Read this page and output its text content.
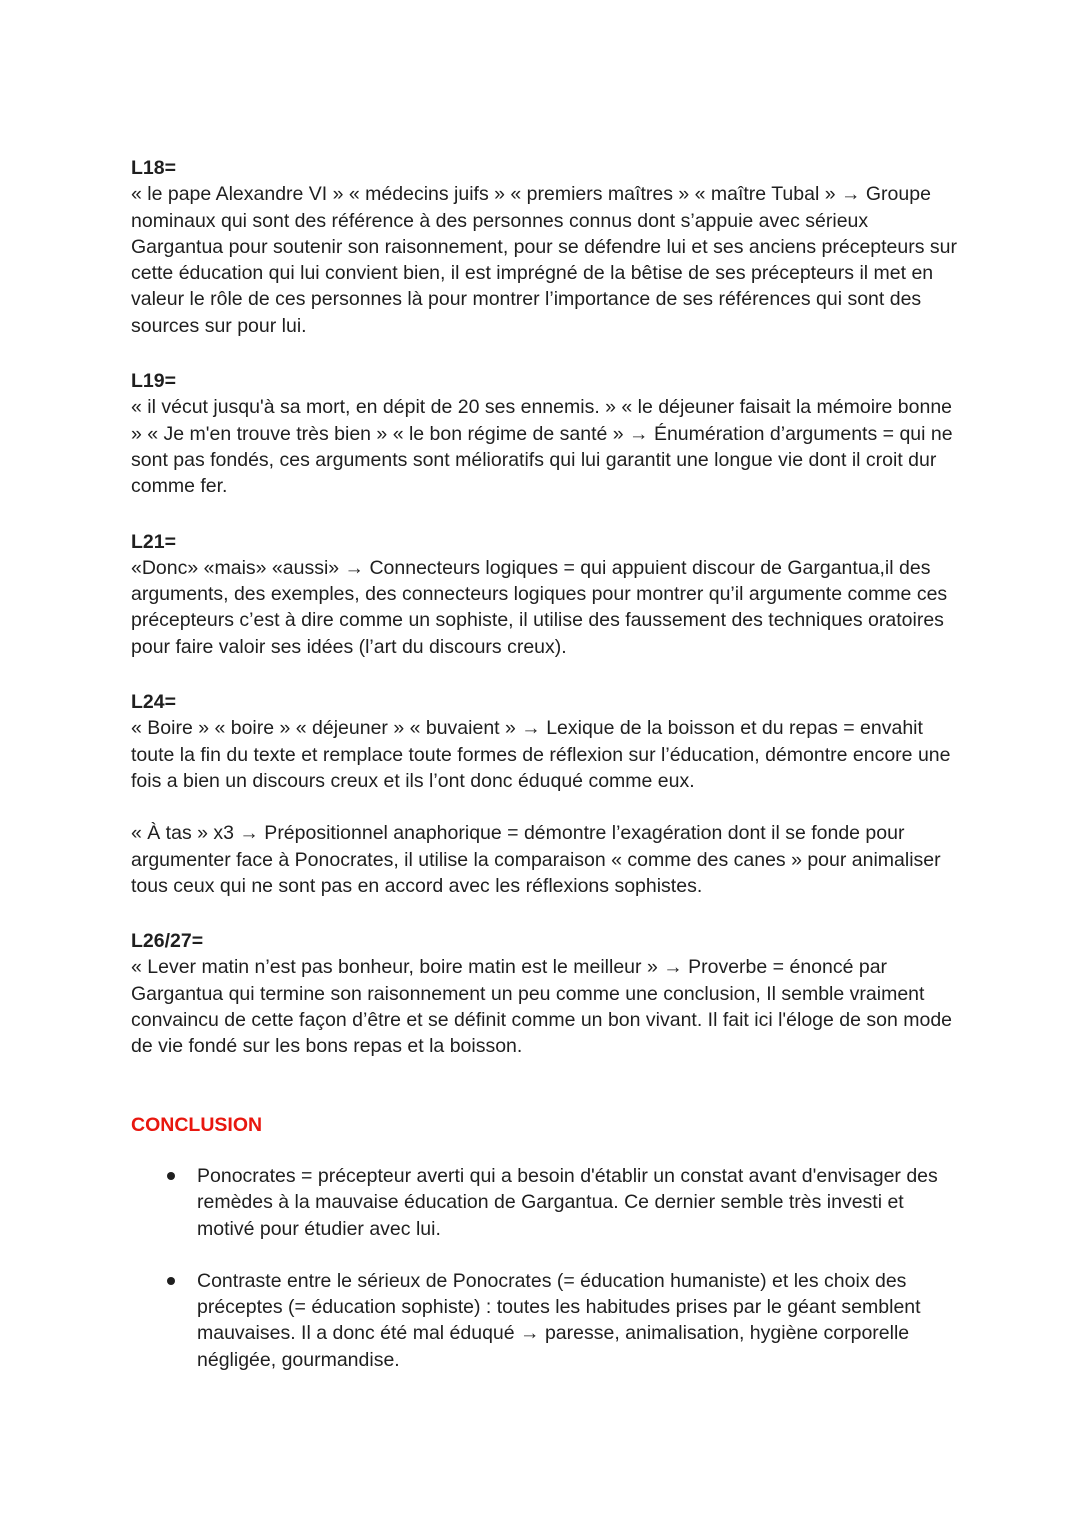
L18=

« le pape Alexandre VI » « médecins juifs » « premiers maîtres » « maître Tubal » → Groupe nominaux qui sont des référence à des personnes connus dont s’appuie avec sérieux Gargantua pour soutenir son raisonnement, pour se défendre lui et ses anciens précepteurs sur cette éducation qui lui convient bien, il est imprégné de la bêtise de ses précepteurs il met en valeur le rôle de ces personnes là pour montrer l’importance de ses références qui sont des sources sur pour lui.

L19=

« il vécut jusqu'à sa mort, en dépit de 20 ses ennemis. » « le déjeuner faisait la mémoire bonne » « Je m'en trouve très bien » « le bon régime de santé » → Énumération d’arguments = qui ne sont pas fondés, ces arguments sont mélioratifs qui lui garantit une longue vie dont il croit dur comme fer.

L21=

«Donc» «mais» «aussi» → Connecteurs logiques = qui appuient discour de Gargantua,il des arguments, des exemples, des connecteurs logiques pour montrer qu’il argumente comme ces précepteurs c’est à dire comme un sophiste, il utilise des faussement des techniques oratoires pour faire valoir ses idées (l’art du discours creux).

L24=

« Boire » « boire » « déjeuner » « buvaient » → Lexique de la boisson et du repas = envahit toute la fin du texte et remplace toute formes de réflexion sur l’éducation, démontre encore une fois a bien un discours creux et ils l’ont donc éduqué comme eux.

« À tas » x3 → Prépositionnel anaphorique = démontre l’exagération dont il se fonde pour argumenter face à Ponocrates, il utilise la comparaison « comme des canes » pour animaliser tous ceux qui ne sont pas en accord avec les réflexions sophistes.

L26/27=

« Lever matin n’est pas bonheur, boire matin est le meilleur » → Proverbe = énoncé par Gargantua qui termine son raisonnement un peu comme une conclusion, Il semble vraiment convaincu de cette façon d’être et se définit comme un bon vivant. Il fait ici l'éloge de son mode de vie fondé sur les bons repas et la boisson.

CONCLUSION

Ponocrates = précepteur averti qui a besoin d'établir un constat avant d'envisager des remèdes à la mauvaise éducation de Gargantua. Ce dernier semble très investi et motivé pour étudier avec lui.
Contraste entre le sérieux de Ponocrates (= éducation humaniste) et les choix des préceptes (= éducation sophiste) : toutes les habitudes prises par le géant semblent mauvaises. Il a donc été mal éduqué → paresse, animalisation, hygiène corporelle négligée, gourmandise.
